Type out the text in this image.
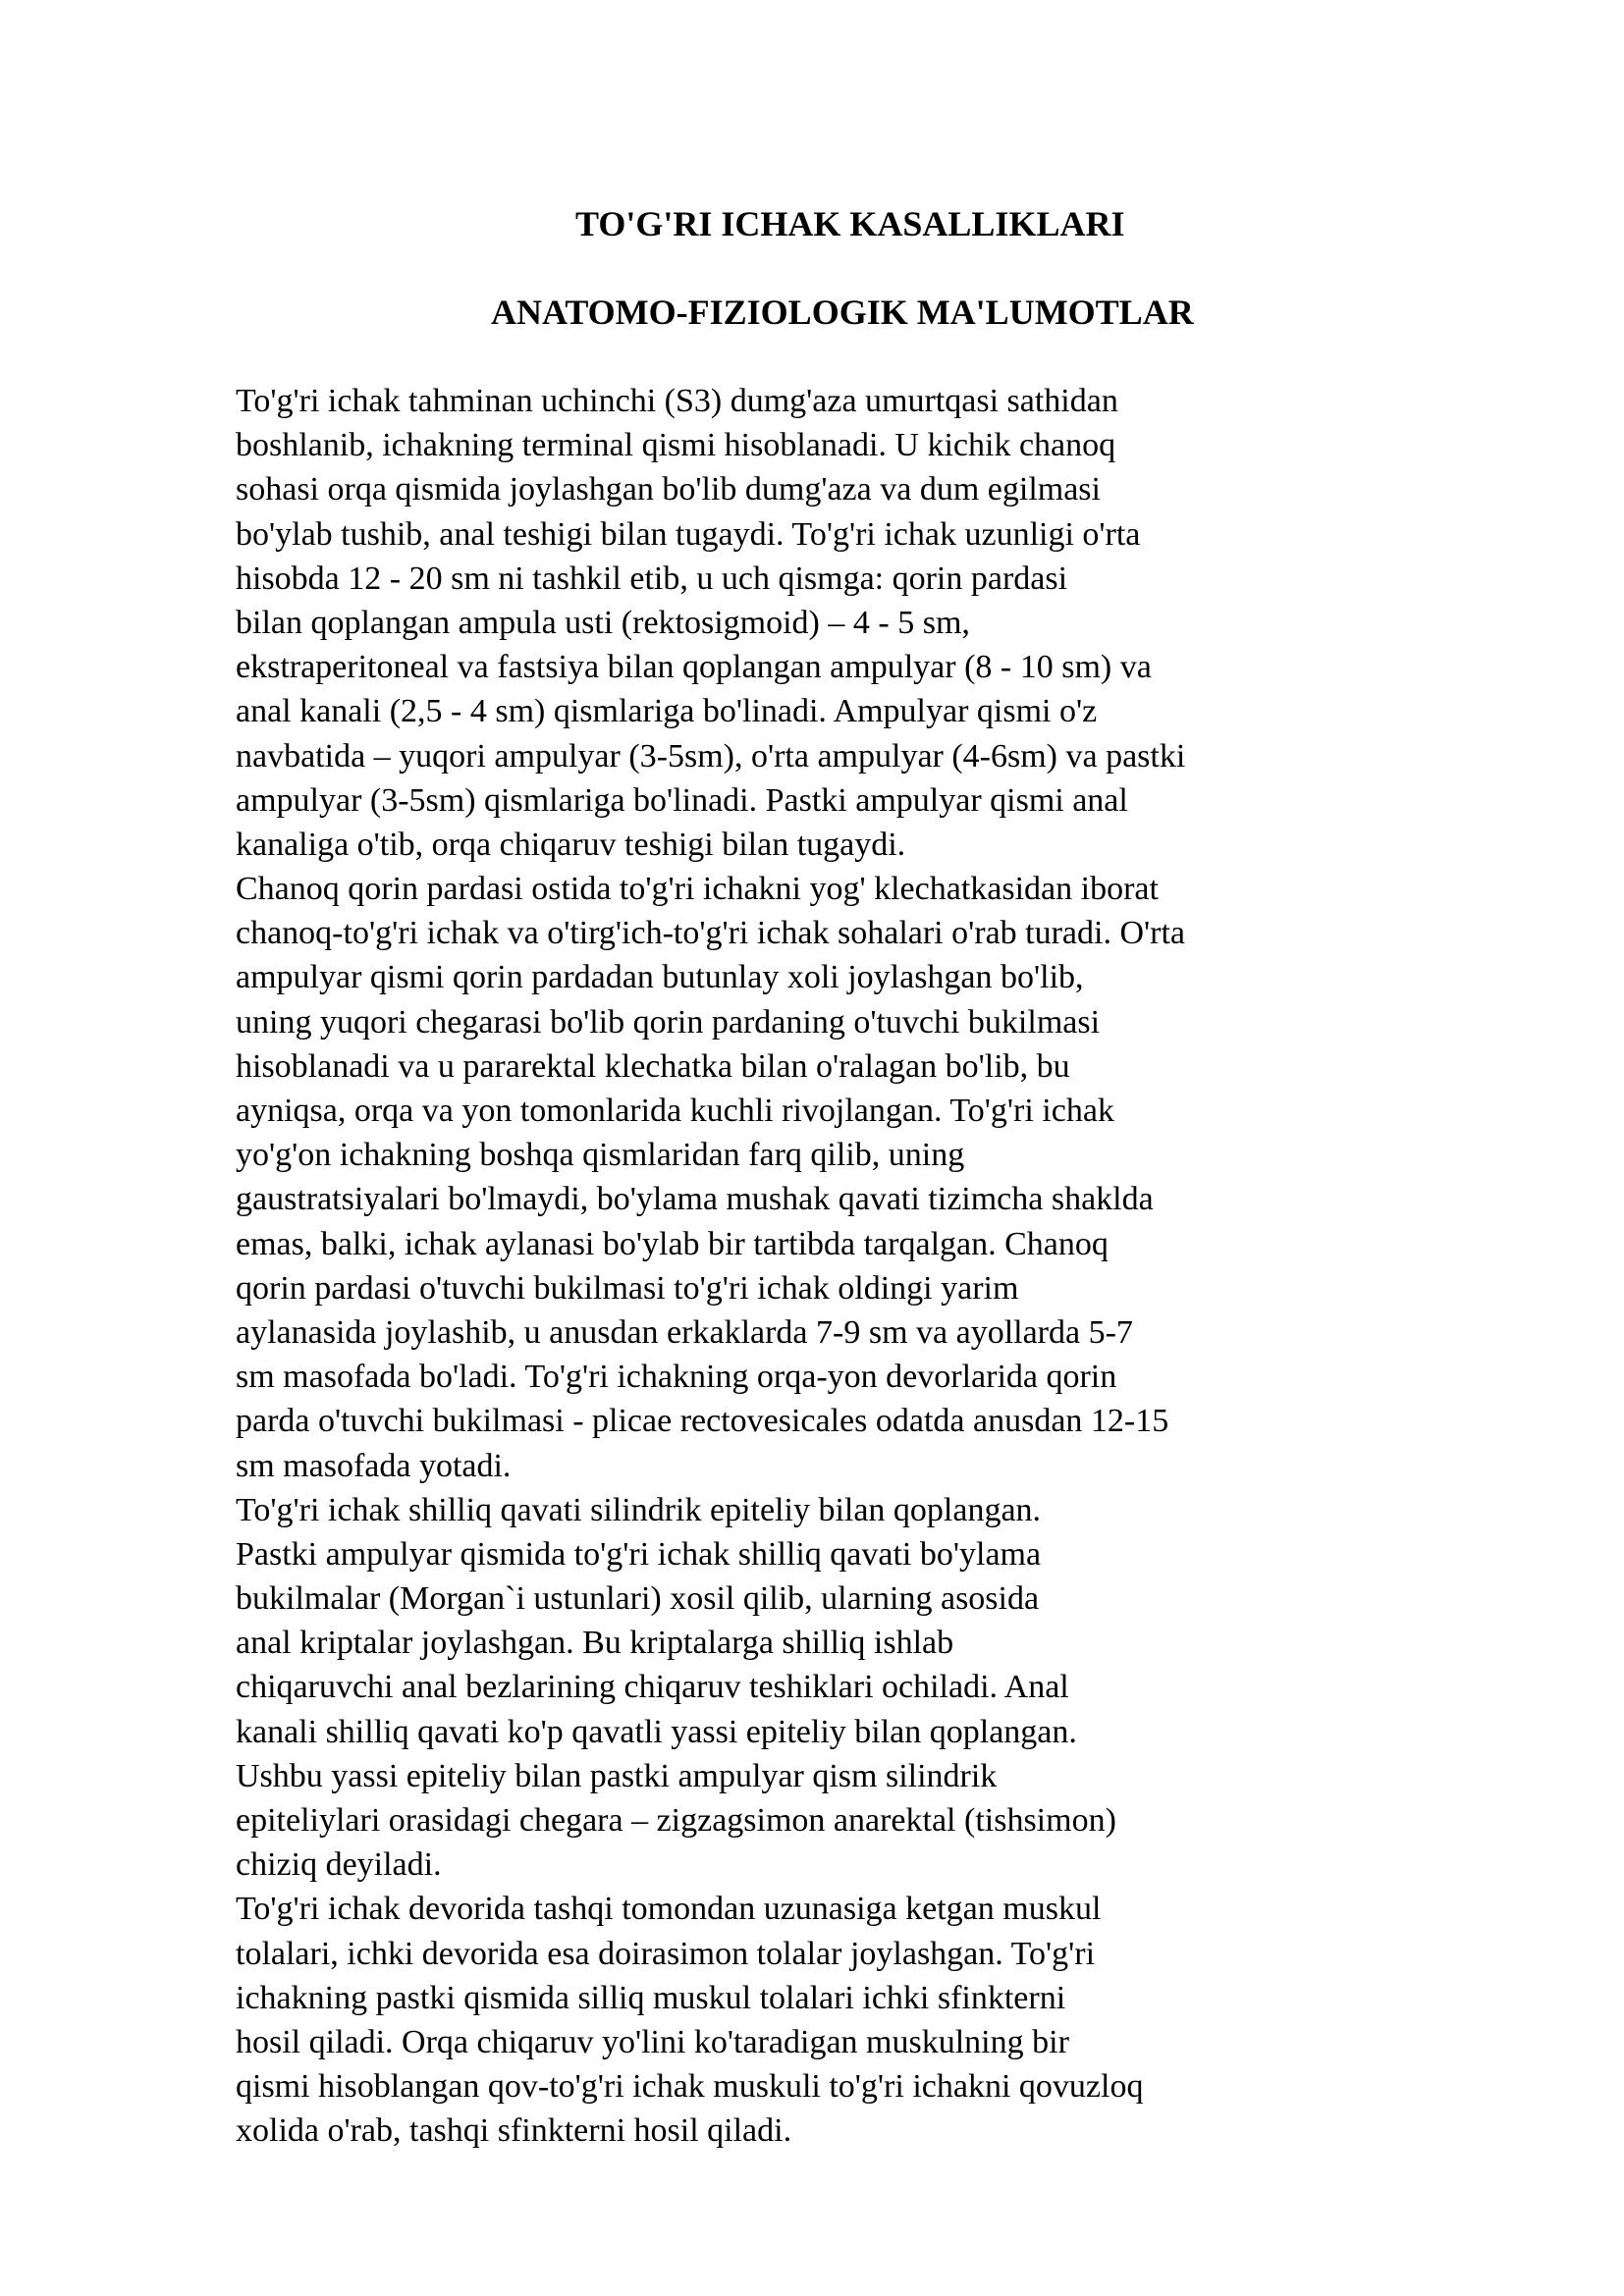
TO'G'RI ICHAK KASALLIKLARI
ANATOMO-FIZIOLOGIK MA'LUMOTLAR
To'g'ri ichak tahminan uchinchi (S3) dumg'aza umurtqasi sathidan
boshlanib, ichakning terminal qismi hisoblanadi. U kichik chanoq
sohasi orqa qismida joylashgan bo'lib dumg'aza va dum egilmasi
bo'ylab tushib, anal teshigi bilan tugaydi. To'g'ri ichak uzunligi o'rta
hisobda 12 - 20 sm ni tashkil etib, u uch qismga: qorin pardasi
bilan qoplangan ampula usti (rektosigmoid) – 4 - 5 sm,
ekstraperitoneal va fastsiya bilan qoplangan ampulyar (8 - 10 sm) va
anal kanali (2,5 - 4 sm) qismlariga bo'linadi. Ampulyar qismi o'z
navbatida – yuqori ampulyar (3-5sm), o'rta ampulyar (4-6sm) va pastki
ampulyar (3-5sm) qismlariga bo'linadi. Pastki ampulyar qismi anal
kanaliga o'tib, orqa chiqaruv teshigi bilan tugaydi.
Chanoq qorin pardasi ostida to'g'ri ichakni yog' klechatkasidan iborat
chanoq-to'g'ri ichak va o'tirg'ich-to'g'ri ichak sohalari o'rab turadi. O'rta
ampulyar qismi qorin pardadan butunlay xoli joylashgan bo'lib,
uning yuqori chegarasi bo'lib qorin pardaning o'tuvchi bukilmasi
hisoblanadi va u pararektal klechatka bilan o'ralagan bo'lib, bu
ayniqsa, orqa va yon tomonlarida kuchli rivojlangan. To'g'ri ichak
yo'g'on ichakning boshqa qismlaridan farq qilib, uning
gaustratsiyalari bo'lmaydi, bo'ylama mushak qavati tizimcha shaklda
emas, balki, ichak aylanasi bo'ylab bir tartibda tarqalgan. Chanoq
qorin pardasi o'tuvchi bukilmasi to'g'ri ichak oldingi yarim
aylanasida joylashib, u anusdan erkaklarda 7-9 sm va ayollarda 5-7
sm masofada bo'ladi. To'g'ri ichakning orqa-yon devorlarida qorin
parda o'tuvchi bukilmasi - plicae rectovesicales odatda anusdan 12-15
sm masofada yotadi.
To'g'ri ichak shilliq qavati silindrik epiteliy bilan qoplangan.
Pastki ampulyar qismida to'g'ri ichak shilliq qavati bo'ylama
bukilmalar (Morgan`i ustunlari) xosil qilib, ularning asosida
anal kriptalar joylashgan. Bu kriptalarga shilliq ishlab
chiqaruvchi anal bezlarining chiqaruv teshiklari ochiladi. Anal
kanali shilliq qavati ko'p qavatli yassi epiteliy bilan qoplangan.
Ushbu yassi epiteliy bilan pastki ampulyar qism silindrik
epiteliylari orasidagi chegara – zigzagsimon anarektal (tishsimon)
chiziq deyiladi.
To'g'ri ichak devorida tashqi tomondan uzunasiga ketgan muskul
tolalari, ichki devorida esa doirasimon tolalar joylashgan. To'g'ri
ichakning pastki qismida silliq muskul tolalari ichki sfinkterni
hosil qiladi. Orqa chiqaruv yo'lini ko'taradigan muskulning bir
qismi hisoblangan qov-to'g'ri ichak muskuli to'g'ri ichakni qovuzloq
xolida o'rab, tashqi sfinkterni hosil qiladi.
